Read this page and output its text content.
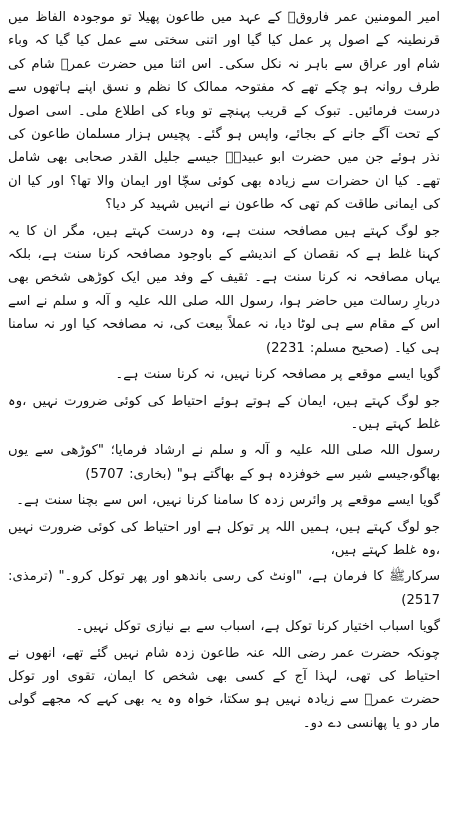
امیر المومنین عمر فاروقؓ کے عہد میں طاعون پھیلا تو موجودہ الفاظ میں قرنطینہ کے اصول پر عمل کیا گیا اور اتنی سختی سے عمل کیا گیا کہ وباء شام اور عراق سے باہر نہ نکل سکی۔ اس اثنا میں حضرت عمرؓ شام کی طرف روانہ ہو چکے تھے کہ مفتوحہ ممالک کا نظم و نسق اپنے ہاتھوں سے درست فرمائیں۔ تبوک کے قریب پہنچے تو وباء کی اطلاع ملی۔ اسی اصول کے تحت آگے جانے کے بجائے، واپس ہو گئے۔ پچیس ہزار مسلمان طاعون کی نذر ہوئے جن میں حضرت ابو عبیدہؓ جیسے جلیل القدر صحابی بھی شامل تھے۔ کیا ان حضرات سے زیادہ بھی کوئی سچّا اور ایمان والا تھا؟ اور کیا ان کی ایمانی طاقت کم تھی کہ طاعون نے انہیں شہید کر دیا؟

جو لوگ کہتے ہیں مصافحہ سنت ہے، وہ درست کہتے ہیں، مگر ان کا یہ کہنا غلط ہے کہ نقصان کے اندیشے کے باوجود مصافحہ کرنا سنت ہے، بلکہ یہاں مصافحہ نہ کرنا سنت ہے۔ ثقیف کے وفد میں ایک کوڑھی شخص بھی دربارِ رسالت میں حاضر ہوا، رسول اللہ صلی اللہ علیہ و آلہ و سلم نے اسے اس کے مقام سے ہی لوٹا دیا، نہ عملاً بیعت کی، نہ مصافحہ کیا اور نہ سامنا ہی کیا۔ (صحیح مسلم: 2231)

گویا ایسے موقعے پر مصافحہ کرنا نہیں، نہ کرنا سنت ہے۔

جو لوگ کہتے ہیں، ایمان کے ہوتے ہوئے احتیاط کی کوئی ضرورت نہیں ،وہ غلط کہتے ہیں۔

رسول اللہ صلی اللہ علیہ و آلہ و سلم نے ارشاد فرمایا؛ "کوڑھی سے یوں بھاگو،جیسے شیر سے خوفزدہ ہو کے بھاگتے ہو" (بخاری: 5707)

گویا ایسے موقعے پر وائرس زدہ کا سامنا کرنا نہیں، اس سے بچنا سنت ہے۔

جو لوگ کہتے ہیں، ہمیں اللہ پر توکل ہے اور احتیاط کی کوئی ضرورت نہیں ،وہ غلط کہتے ہیں،

سرکارﷺ کا فرمان ہے، "اونٹ کی رسی باندھو اور پھر توکل کرو۔" (ترمذی: 2517)

گویا اسباب اختیار کرنا توکل ہے، اسباب سے بے نیازی توکل نہیں۔

چونکہ حضرت عمر رضی اللہ عنہ طاعون زدہ شام نہیں گئے تھے، انھوں نے احتیاط کی تھی، لہذا آج کے کسی بھی شخص کا ایمان، تقوی اور توکل حضرت عمرؓ سے زیادہ نہیں ہو سکتا، خواہ وہ یہ بھی کہے کہ مجھے گولی مار دو یا پھانسی دے دو۔
